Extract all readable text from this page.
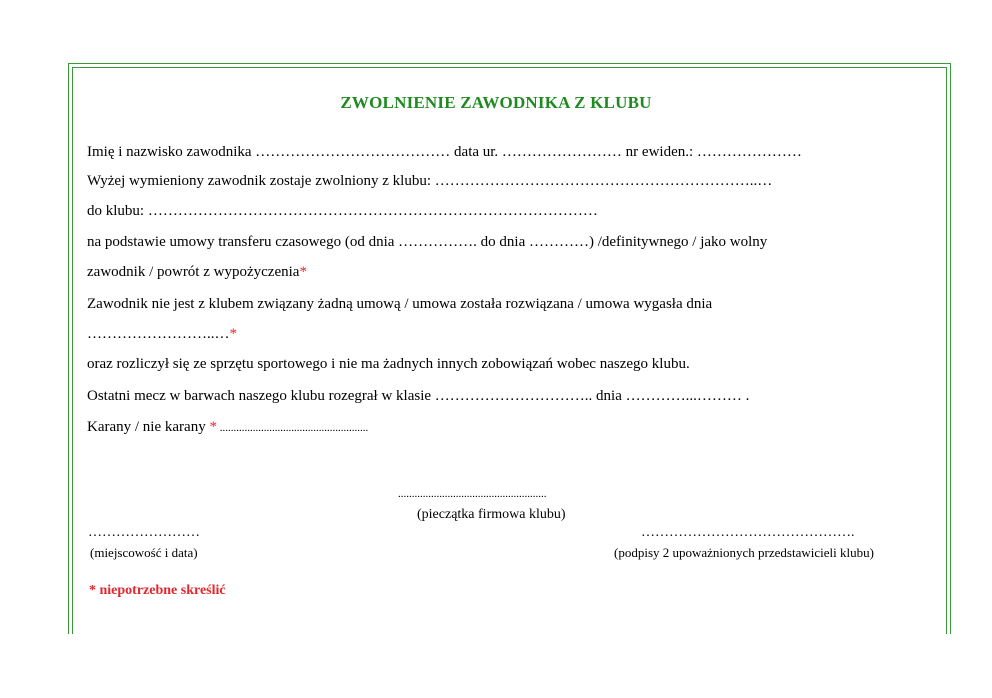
ZWOLNIENIE ZAWODNIKA Z KLUBU
Imię i nazwisko zawodnika ………………………………… data ur. …………………… nr ewiden.: …………………
Wyżej wymieniony zawodnik zostaje zwolniony z klubu: ………………………………………………………..…
do klubu: ………………………………………………………………………………
na podstawie umowy transferu czasowego (od dnia ……………. do dnia …………) /definitywnego / jako wolny
zawodnik / powrót z wypożyczenia*
Zawodnik nie jest z klubem związany żadną umową / umowa została rozwiązana / umowa wygasła dnia
……………………..…*
oraz rozliczył się ze sprzętu sportowego i nie ma żadnych innych zobowiązań wobec naszego klubu.
Ostatni mecz w barwach naszego klubu rozegrał w klasie ………………………….. dnia …………...……… .
Karany / nie karany * ......................................................
......................................................
(pieczątka firmowa klubu)
……………………
(miejscowość i data)
……………………………………….
(podpisy 2 upoważnionych przedstawicieli klubu)
* niepotrzebne skreślić
